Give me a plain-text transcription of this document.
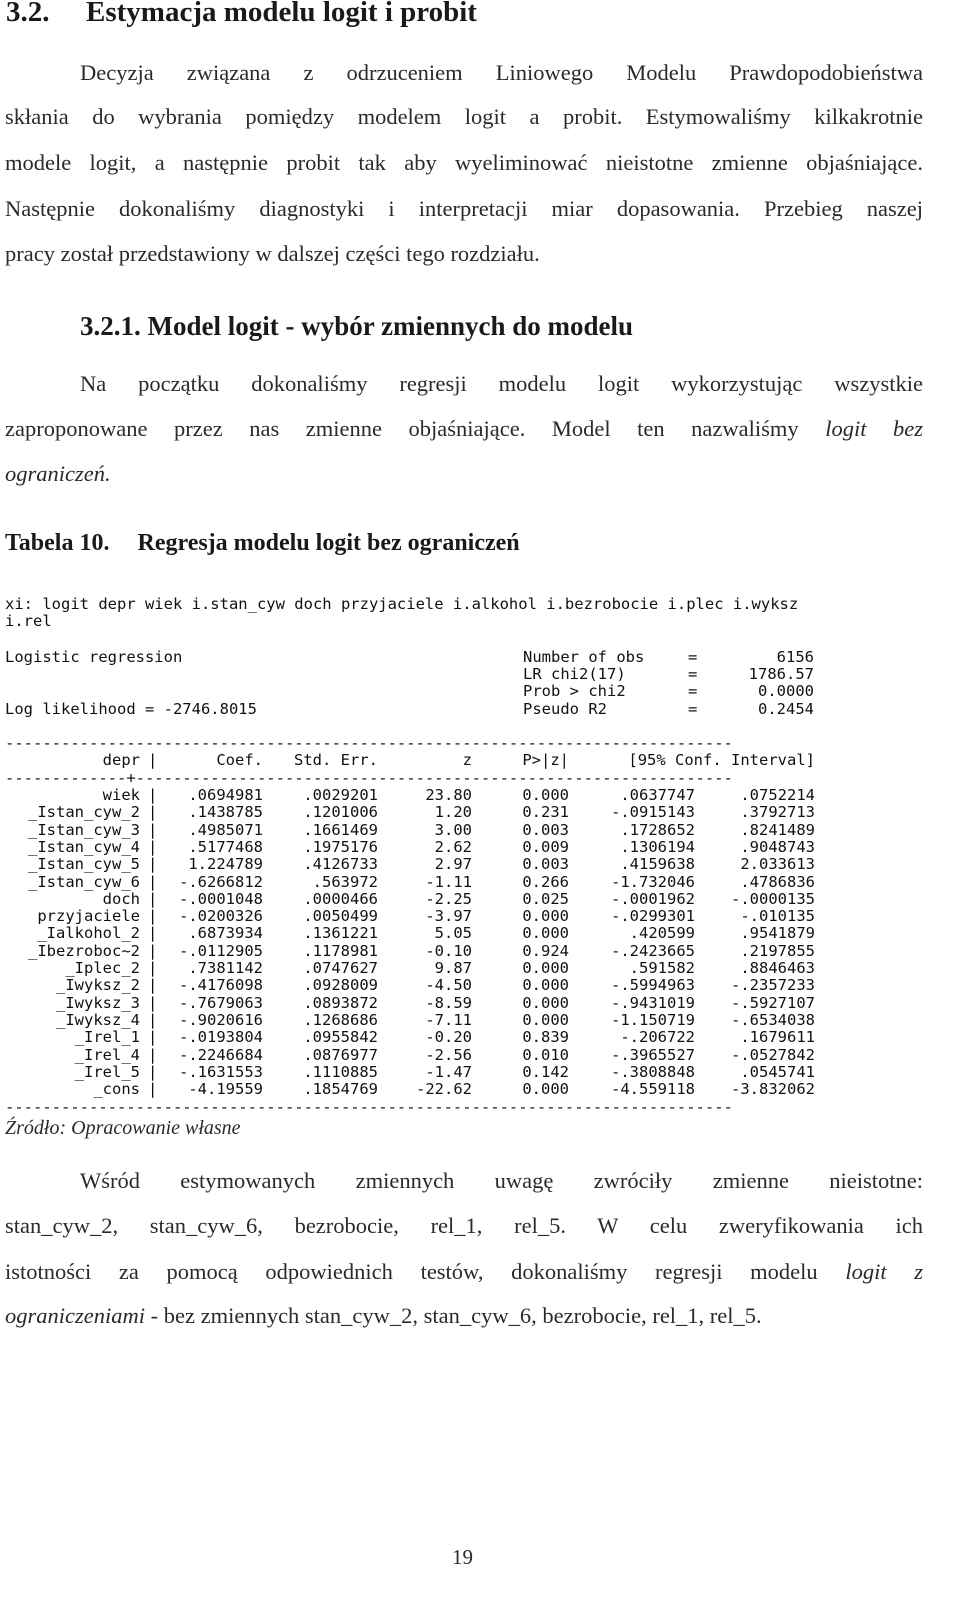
3.2. Estymacja modelu logit i probit
Decyzja związana z odrzuceniem Liniowego Modelu Prawdopodobieństwa
skłania do wybrania pomiędzy modelem logit a probit. Estymowaliśmy kilkakrotnie
modele logit, a następnie probit tak aby wyeliminować nieistotne zmienne objaśniające.
Następnie dokonaliśmy diagnostyki i interpretacji miar dopasowania. Przebieg naszej
pracy został przedstawiony w dalszej części tego rozdziału.
3.2.1. Model logit - wybór zmiennych do modelu
Na początku dokonaliśmy regresji modelu logit wykorzystując wszystkie
zaproponowane przez nas zmienne objaśniające. Model ten nazwaliśmy logit bez
ograniczeń.
Tabela 10. Regresja modelu logit bez ograniczeń
xi: logit depr wiek i.stan_cyw doch przyjaciele i.alkohol i.bezrobocie i.plec i.wyksz
i.rel
Logistic regression
Log likelihood = -2746.8015
Number of obs	=	6156
LR chi2(17)	=	1786.57
Prob > chi2	=	0.0000
Pseudo R2	=	0.2454
------------------------------------------------------------------------------
depr |	Coef. Std. Err.	z	P>|z|	[95% Conf. Interval]
-------------+----------------------------------------------------------------
wiek | .0694981	.0029201	23.80	0.000	.0637747	.0752214
_Istan_cyw_2 | .1438785	.1201006	1.20	0.231	-.0915143	.3792713
_Istan_cyw_3 | .4985071	.1661469	3.00	0.003	.1728652	.8241489
_Istan_cyw_4 | .5177468	.1975176	2.62	0.009	.1306194	.9048743
_Istan_cyw_5 | 1.224789	.4126733	2.97	0.003	.4159638	2.033613
_Istan_cyw_6 | -.6266812	.563972	-1.11	0.266	-1.732046	.4786836
doch | -.0001048	.0000466	-2.25	0.025	-.0001962 -.0000135
przyjaciele | -.0200326	.0050499	-3.97	0.000	-.0299301	-.010135
_Ialkohol_2 | .6873934	.1361221	5.05	0.000	.420599	.9541879
_Ibezroboc~2 | -.0112905	.1178981	-0.10	0.924	-.2423665	.2197855
_Iplec_2 | .7381142	.0747627	9.87	0.000	.591582	.8846463
_Iwyksz_2 | -.4176098	.0928009	-4.50	0.000	-.5994963 -.2357233
_Iwyksz_3 | -.7679063	.0893872	-8.59	0.000	-.9431019 -.5927107
_Iwyksz_4 | -.9020616	.1268686	-7.11	0.000	-1.150719 -.6534038
_Irel_1 | -.0193804	.0955842	-0.20	0.839	-.206722	.1679611
_Irel_4 | -.2246684	.0876977	-2.56	0.010	-.3965527 -.0527842
_Irel_5 | -.1631553	.1110885	-1.47	0.142	-.3808848	.0545741
_cons | -4.19559	.1854769 -22.62	0.000	-4.559118 -3.832062
------------------------------------------------------------------------------
Źródło: Opracowanie własne
Wśród estymowanych zmiennych uwagę zwróciły zmienne nieistotne:
stan_cyw_2, stan_cyw_6, bezrobocie, rel_1, rel_5. W celu zweryfikowania ich
istotności za pomocą odpowiednich testów, dokonaliśmy regresji modelu logit z
ograniczeniami - bez zmiennych stan_cyw_2, stan_cyw_6, bezrobocie, rel_1, rel_5.
19
